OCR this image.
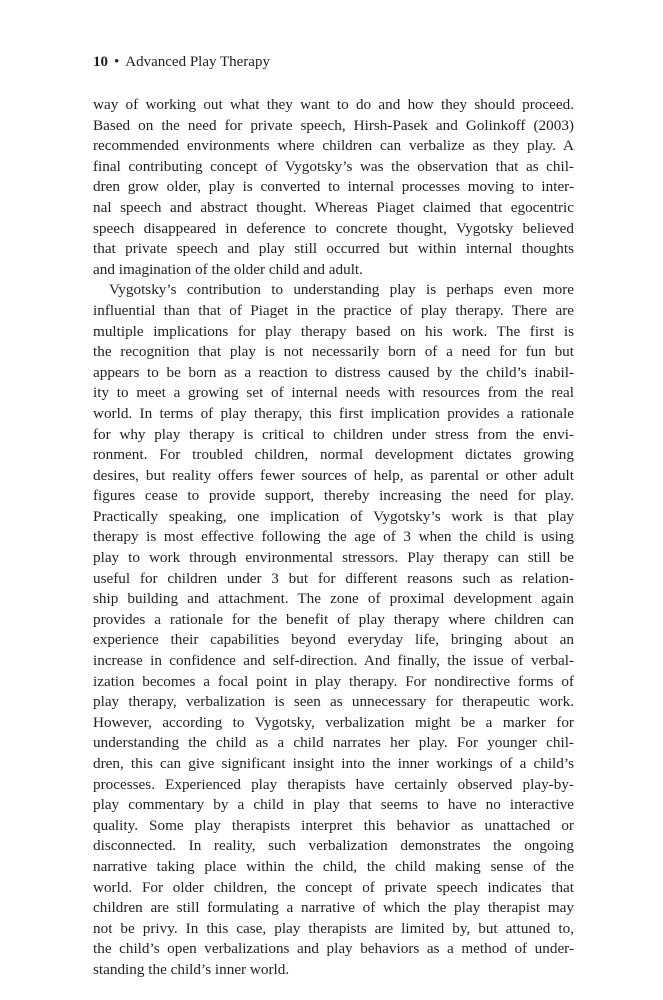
10 • Advanced Play Therapy
way of working out what they want to do and how they should proceed.
Based on the need for private speech, Hirsh-Pasek and Golinkoff (2003)
recommended environments where children can verbalize as they play. A
final contributing concept of Vygotsky’s was the observation that as chil-
dren grow older, play is converted to internal processes moving to inter-
nal speech and abstract thought. Whereas Piaget claimed that egocentric
speech disappeared in deference to concrete thought, Vygotsky believed
that private speech and play still occurred but within internal thoughts
and imagination of the older child and adult.
Vygotsky’s contribution to understanding play is perhaps even more
influential than that of Piaget in the practice of play therapy. There are
multiple implications for play therapy based on his work. The first is
the recognition that play is not necessarily born of a need for fun but
appears to be born as a reaction to distress caused by the child’s inabil-
ity to meet a growing set of internal needs with resources from the real
world. In terms of play therapy, this first implication provides a rationale
for why play therapy is critical to children under stress from the envi-
ronment. For troubled children, normal development dictates growing
desires, but reality offers fewer sources of help, as parental or other adult
figures cease to provide support, thereby increasing the need for play.
Practically speaking, one implication of Vygotsky’s work is that play
therapy is most effective following the age of 3 when the child is using
play to work through environmental stressors. Play therapy can still be
useful for children under 3 but for different reasons such as relation-
ship building and attachment. The zone of proximal development again
provides a rationale for the benefit of play therapy where children can
experience their capabilities beyond everyday life, bringing about an
increase in confidence and self-direction. And finally, the issue of verbal-
ization becomes a focal point in play therapy. For nondirective forms of
play therapy, verbalization is seen as unnecessary for therapeutic work.
However, according to Vygotsky, verbalization might be a marker for
understanding the child as a child narrates her play. For younger chil-
dren, this can give significant insight into the inner workings of a child’s
processes. Experienced play therapists have certainly observed play-by-
play commentary by a child in play that seems to have no interactive
quality. Some play therapists interpret this behavior as unattached or
disconnected. In reality, such verbalization demonstrates the ongoing
narrative taking place within the child, the child making sense of the
world. For older children, the concept of private speech indicates that
children are still formulating a narrative of which the play therapist may
not be privy. In this case, play therapists are limited by, but attuned to,
the child’s open verbalizations and play behaviors as a method of under-
standing the child’s inner world.
